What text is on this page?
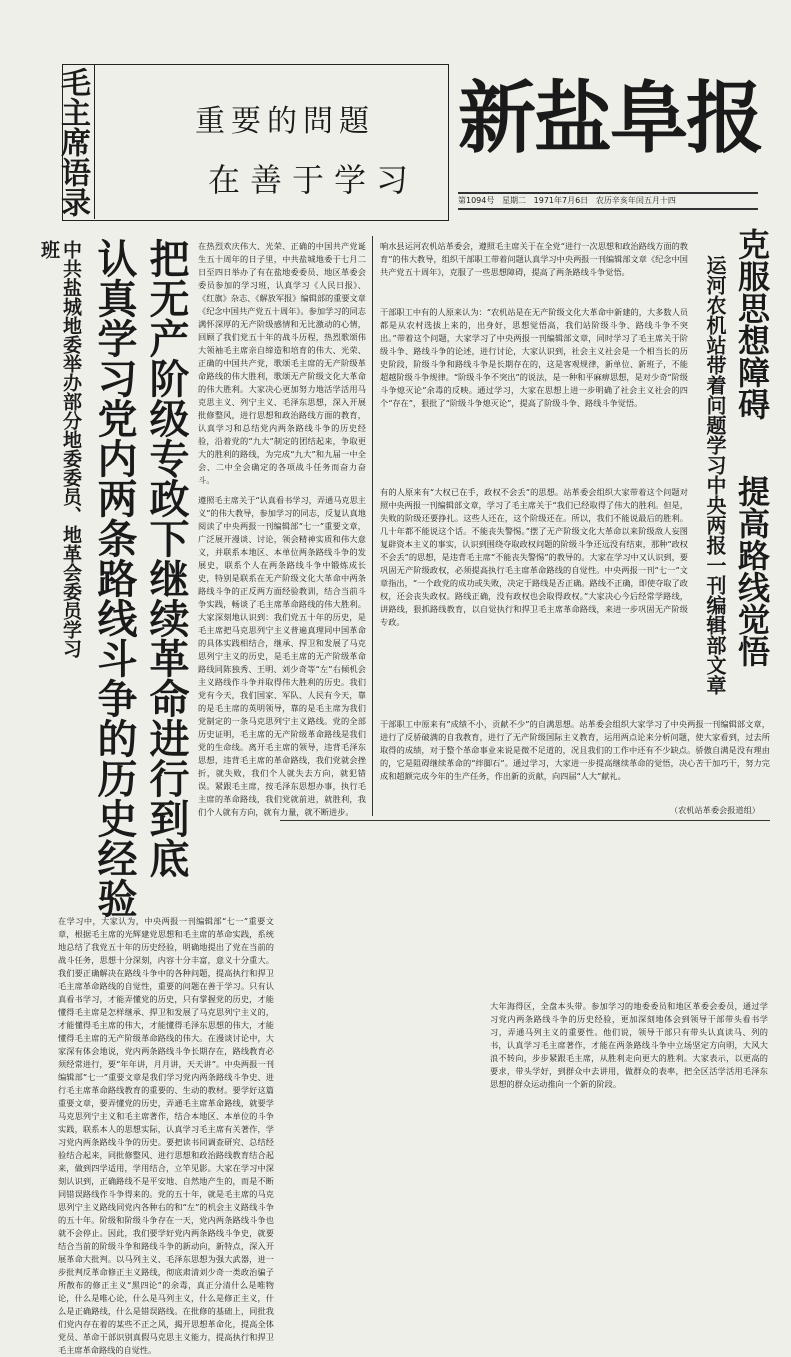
毛主席语录	重要的問題
在善于学习
新盐阜报
第1094号 星期二 1971年7月6日 农历辛亥年闰五月十四
中共盐城地委举办部分地委委员、地革会委员学习班 认真学习党内两条路线斗争的历史经验 把无产阶级专政下继续革命进行到底 在热烈欢庆伟大、光荣、正确的中国共产党诞生五十周年的日子里，中共盐城地委于七月二日至四日举办了有在盐地委委员、地区革委会委员参加的学习班，认真学习《人民日报》、《红旗》杂志、《解放军报》编辑部的重要文章《纪念中国共产党五十周年》。参加学习的同志满怀深厚的无产阶级感情和无比激动的心情，回顾了我们党五十年的战斗历程，热烈歌颂伟大领袖毛主席亲自缔造和培育的伟大、光荣、正确的中国共产党，歌颂毛主席的无产阶级革命路线的伟大胜利，歌颂无产阶级文化大革命的伟大胜利。大家决心更加努力地活学活用马克思主义、列宁主义、毛泽东思想，深入开展批修整风，进行思想和政治路线方面的教育，认真学习和总结党内两条路线斗争的历史经验，沿着党的“九大”制定的团结起来，争取更大的胜利的路线，为完成“九大”和九届一中全会、二中全会确定的各项战斗任务而奋力奋斗。
遵照毛主席关于“认真看书学习，弄通马克思主义”的伟大教导，参加学习的同志，反复认真地阅读了中央两报一刊编辑部“七一”重要文章，广泛展开漫谈、讨论，领会精神实质和伟大意义，并联系本地区、本单位两条路线斗争的发展史，联系个人在两条路线斗争中锻炼成长史，特别是联系在无产阶级文化大革命中两条路线斗争的正反两方面经验教训，结合当前斗争实践，畅谈了毛主席革命路线的伟大胜利。大家深刻地认识到：我们党五十年的历史，是毛主席把马克思列宁主义普遍真理同中国革命的具体实践相结合，继承、捍卫和发展了马克思列宁主义的历史，是毛主席的无产阶级革命路线同陈独秀、王明、刘少奇等“左”右倾机会主义路线作斗争并取得伟大胜利的历史。我们党有今天，我们国家、军队、人民有今天，靠的是毛主席的英明领导，靠的是毛主席为我们党制定的一条马克思列宁主义路线。党的全部历史证明，毛主席的无产阶级革命路线是我们党的生命线。离开毛主席的领导，违背毛泽东思想，违背毛主席的革命路线，我们党就会挫折，就失败，我们个人就失去方向，就犯错误。紧跟毛主席，按毛泽东思想办事，执行毛主席的革命路线，我们党就前进，就胜利，我们个人就有方向，就有力量，就不断进步。
在学习中，大家认为，中央两报一刊编辑部“七一”重要文章，根据毛主席的光辉建党思想和毛主席的革命实践，系统地总结了我党五十年的历史经验，明确地提出了党在当前的战斗任务，思想十分深刻，内容十分丰富，意义十分重大。我们要正确解决在路线斗争中的各种问题，提高执行和捍卫毛主席革命路线的自觉性，重要的问题在善于学习。只有认真看书学习，才能弄懂党的历史，只有掌握党的历史，才能懂得毛主席是怎样继承、捍卫和发展了马克思列宁主义的，才能懂得毛主席的伟大，才能懂得毛泽东思想的伟大，才能懂得毛主席的无产阶级革命路线的伟大。在漫谈讨论中，大家深有体会地说，党内两条路线斗争长期存在，路线教育必须经常进行，要“年年讲，月月讲，天天讲”。中央两报一刊编辑部“七一”重要文章是我们学习党内两条路线斗争史、进行毛主席革命路线教育的重要的、生动的教材。要学好这篇重要文章，要弄懂党的历史，弄通毛主席革命路线，就要学马克思列宁主义和毛主席著作，结合本地区、本单位的斗争实践，联系本人的思想实际，认真学习毛主席有关著作，学习党内两条路线斗争的历史。要把读书同调查研究、总结经验结合起来，同批修整风、进行思想和政治路线教育结合起来，做到四学适用，学用结合，立竿见影。大家在学习中深刻认识到，正确路线不是平安地、自然地产生的，而是不断同错误路线作斗争得来的。党的五十年，就是毛主席的马克思列宁主义路线同党内各种右的和“左”的机会主义路线斗争的五十年。阶级和阶级斗争存在一天，党内两条路线斗争也就不会停止。因此，我们要学好党内两条路线斗争史，就要结合当前的阶级斗争和路线斗争的新动向，新特点，深入开展革命大批判。以马列主义、毛泽东思想为强大武器，进一步批判反革命修正主义路线，彻底肃清刘少奇一类政治骗子所散布的修正主义“黑四论”的余毒，真正分清什么是唯物论，什么是唯心论，什么是马列主义，什么是修正主义，什么是正确路线，什么是错误路线。在批修的基础上，同批我们党内存在着的某些不正之风，揭开思想革命化，提高全体党员、革命干部识别真假马克思主义能力，提高执行和捍卫毛主席革命路线的自觉性。
大年海得区，全盘本头带。参加学习的地委委员和地区革委会委员，通过学习党内两条路线斗争的历史经验，更加深刻地体会到领导干部带头看书学习，弄通马列主义的重要性。他们说，领导干部只有带头认真读马、列的书，认真学习毛主席著作，才能在两条路线斗争中立场坚定方向明，大风大浪不转向，步步紧跟毛主席，从胜利走向更大的胜利。大家表示，以更高的要求，带头学好，到群众中去讲用，做群众的表率，把全区活学活用毛泽东思想的群众运动推向一个新的阶段。
响水县运河农机站革委会，遵照毛主席关于在全党“进行一次思想和政治路线方面的教育”的伟大教导，组织干部职工带着问题认真学习中央两报一刊编辑部文章《纪念中国共产党五十周年》，克服了一些思想障碍，提高了两条路线斗争觉悟。
干部职工中有的人原来认为：“农机站是在无产阶级文化大革命中新建的，大多数人员都是从农村选拔上来的，出身好，思想觉悟高，我们站阶级斗争、路线斗争不突出。”带着这个问题，大家学习了中央两报一刊编辑部文章，同时学习了毛主席关于阶级斗争、路线斗争的论述，进行讨论，大家认识到，社会主义社会是一个相当长的历史阶段，阶级斗争和路线斗争是长期存在的，这是客观规律，新单位、新班子，不能超越阶级斗争规律。“阶级斗争不突出”的说法，是一种和平麻痹思想，是对少奇“阶级斗争熄灭论”余毒的反映。通过学习，大家在思想上进一步明确了社会主义社会的四个“存在”，狠批了“阶级斗争熄灭论”，提高了阶级斗争、路线斗争觉悟。
有的人原来有“大权已在手，政权不会丢”的思想。站革委会组织大家带着这个问题对照中央两报一刊编辑部文章，学习了毛主席关于“我们已经取得了伟大的胜利。但是，失败的阶级还要挣扎。这些人还在，这个阶级还在。所以，我们不能说最后的胜利。几十年都不能说这个话。不能丧失警惕。”摆了无产阶级文化大革命以来阶级敌人妄图复辟资本主义的事实，认识到围绕夺取政权问题的阶级斗争还远没有结束，那种“政权不会丢”的思想，是违背毛主席“不能丧失警惕”的教导的。大家在学习中又认识到，要巩固无产阶级政权，必须提高执行毛主席革命路线的自觉性。中央两报一刊“七一”文章指出，“一个政党的成功或失败，决定于路线是否正确。路线不正确，即使夺取了政权，还会丧失政权。路线正确，没有政权也会取得政权。”大家决心今后经常学路线，讲路线，狠抓路线教育，以自觉执行和捍卫毛主席革命路线，来进一步巩固无产阶级专政。
干部职工中原来有“成绩不小，贡献不少”的自满思想。站革委会组织大家学习了中央两报一刊编辑部文章，进行了反骄破满的自我教育，进行了无产阶级国际主义教育，运用两点论来分析问题，使大家看到，过去所取得的成绩，对于整个革命事业来说是微不足道的，况且我们的工作中还有不少缺点。骄傲自满是没有理由的，它是阻碍继续革命的“绊脚石”。通过学习，大家进一步提高继续革命的觉悟，决心苦干加巧干，努力完成和超额完成今年的生产任务，作出新的贡献，向四届“人大”献礼。
（农机站革委会报道组）
克服思想障碍
运河农机站带着问题学习中央两报一刊编辑部文章 提高路线觉悟
